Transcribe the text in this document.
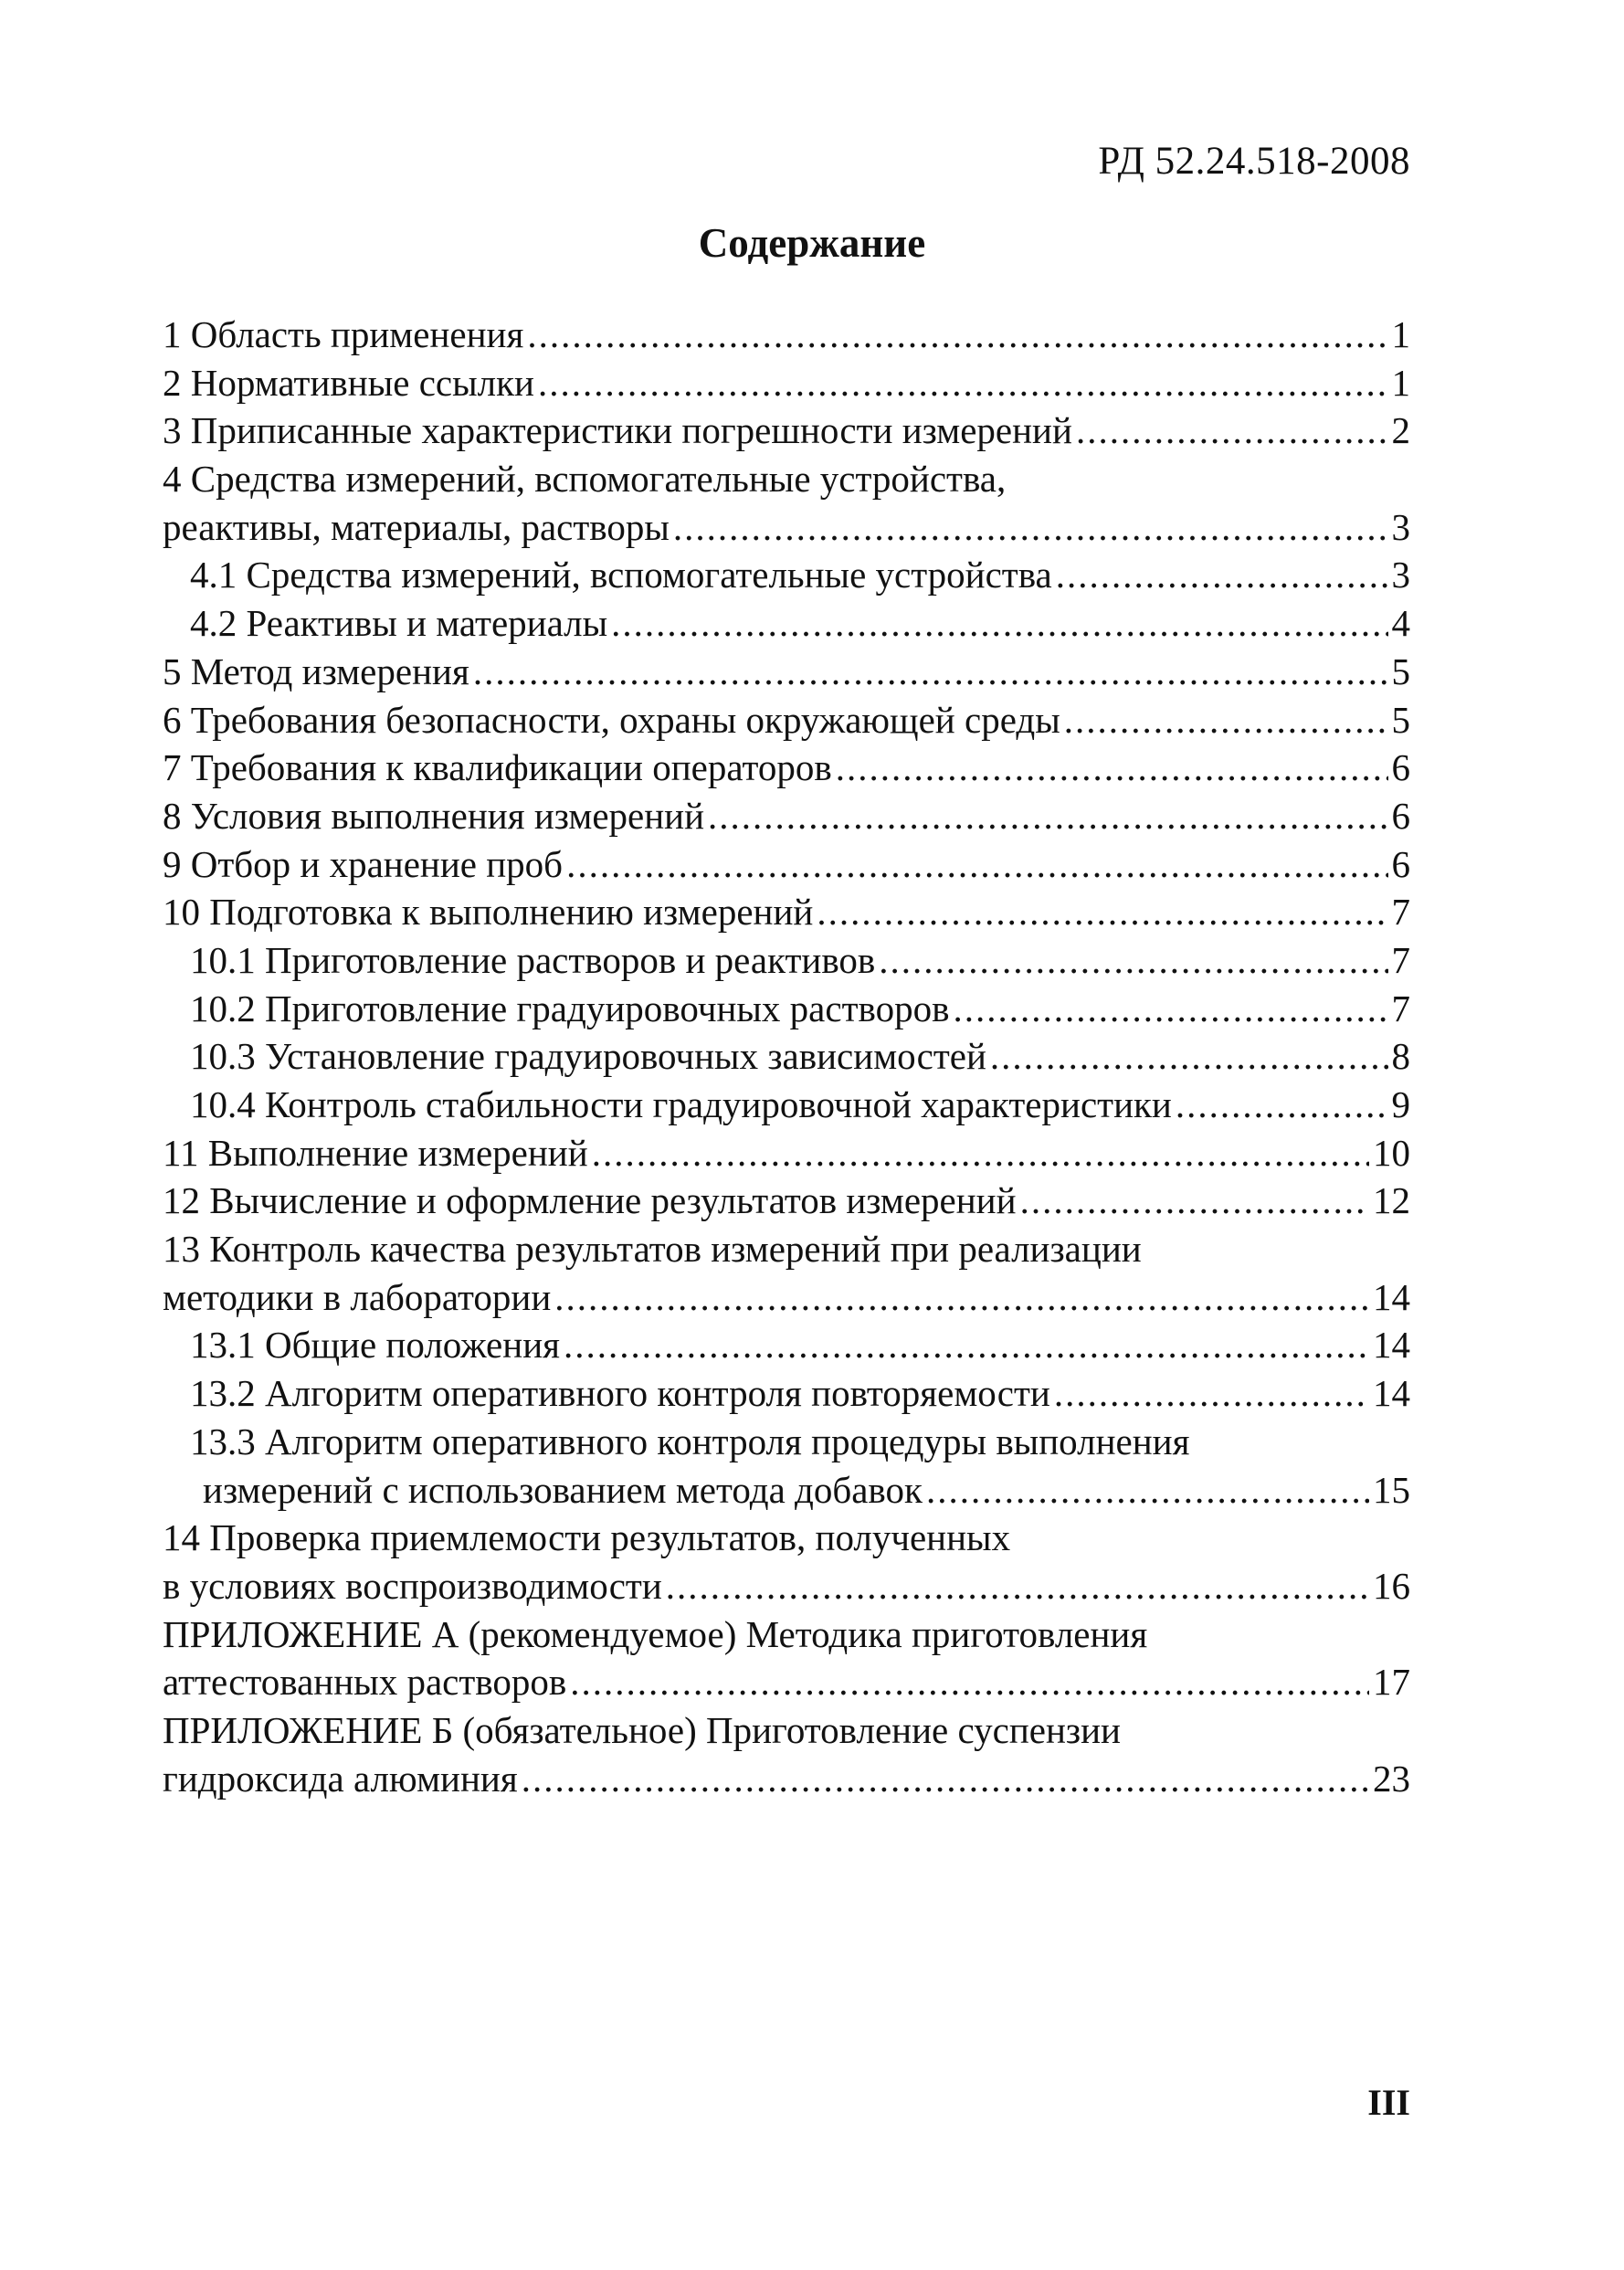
РД 52.24.518-2008
Содержание
1 Область применения .....	1
2 Нормативные ссылки .....	1
3 Приписанные характеристики погрешности измерений .....	2
4 Средства измерений, вспомогательные устройства,
реактивы, материалы, растворы .....	3
4.1 Средства измерений, вспомогательные устройства .....	3
4.2 Реактивы и материалы .....	4
5 Метод измерения .....	5
6 Требования безопасности, охраны окружающей среды .....	5
7 Требования к квалификации операторов .....	6
8 Условия выполнения измерений .....	6
9 Отбор и хранение проб .....	6
10 Подготовка к выполнению измерений .....	7
10.1 Приготовление растворов и реактивов .....	7
10.2 Приготовление градуировочных растворов .....	7
10.3 Установление градуировочных зависимостей .....	8
10.4 Контроль стабильности градуировочной характеристики .....	9
11 Выполнение измерений .....	10
12 Вычисление и оформление результатов измерений .....	12
13 Контроль качества результатов измерений при реализации
методики в лаборатории .....	14
13.1 Общие положения .....	14
13.2 Алгоритм оперативного контроля повторяемости .....	14
13.3 Алгоритм оперативного контроля процедуры выполнения
измерений с использованием метода добавок .....	15
14 Проверка приемлемости результатов, полученных
в условиях воспроизводимости .....	16
ПРИЛОЖЕНИЕ А (рекомендуемое) Методика приготовления
аттестованных растворов .....	17
ПРИЛОЖЕНИЕ Б (обязательное) Приготовление суспензии
гидроксида алюминия .....	23
III
